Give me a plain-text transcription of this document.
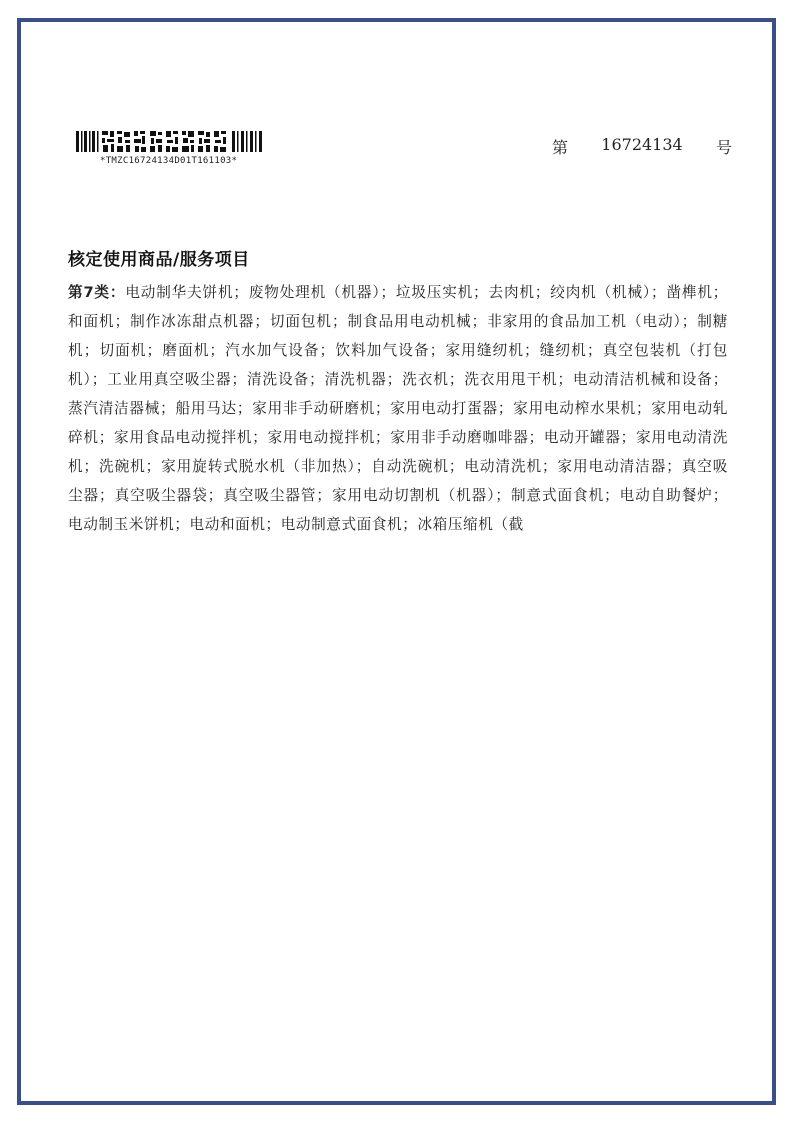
*TMZC16724134D01T161103*
第 16724134 号
核定使用商品/服务项目
第7类：电动制华夫饼机；废物处理机（机器）；垃圾压实机；去肉机；绞肉机（机械）；凿榫机；和面机；制作冰冻甜点机器；切面包机；制食品用电动机械；非家用的食品加工机（电动）；制糖机；切面机；磨面机；汽水加气设备；饮料加气设备；家用缝纫机；缝纫机；真空包装机（打包机）；工业用真空吸尘器；清洗设备；清洗机器；洗衣机；洗衣用甩干机；电动清洁机械和设备；蒸汽清洁器械；船用马达；家用非手动研磨机；家用电动打蛋器；家用电动榨水果机；家用电动轧碎机；家用食品电动搅拌机；家用电动搅拌机；家用非手动磨咖啡器；电动开罐器；家用电动清洗机；洗碗机；家用旋转式脱水机（非加热）；自动洗碗机；电动清洗机；家用电动清洁器；真空吸尘器；真空吸尘器袋；真空吸尘器管；家用电动切割机（机器）；制意式面食机；电动自助餐炉；电动制玉米饼机；电动和面机；电动制意式面食机；冰箱压缩机（截
